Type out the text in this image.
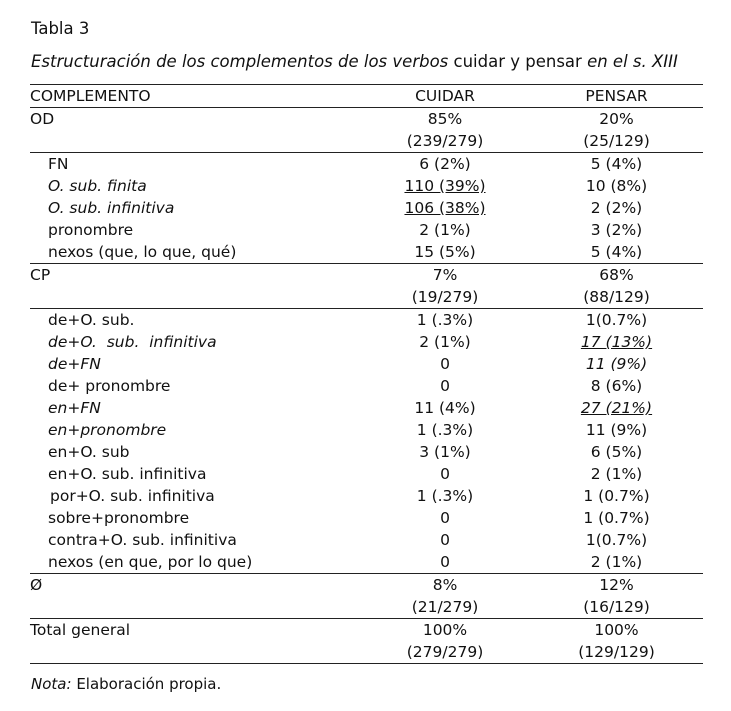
Tabla 3
Estructuración de los complementos de los verbos cuidar y pensar en el s. XIII
COMPLEMENTO	CUIDAR	PENSAR
OD	85%	20%
	(239/279)	(25/129)
FN	6 (2%)	5 (4%)
O. sub. finita	110 (39%)	10 (8%)
O. sub. infinitiva	106 (38%)	2 (2%)
pronombre	2 (1%)	3 (2%)
nexos (que, lo que, qué)	15 (5%)	5 (4%)
CP	7%	68%
	(19/279)	(88/129)
de+O. sub.	1 (.3%)	1(0.7%)
de+O.  sub.  infinitiva	2 (1%)	17 (13%)
de+FN	0	11 (9%)
de+ pronombre	0	8 (6%)
en+FN	11 (4%)	27 (21%)
en+pronombre	1 (.3%)	11 (9%)
en+O. sub	3 (1%)	6 (5%)
en+O. sub. infinitiva	0	2 (1%)
por+O. sub. infinitiva	1 (.3%)	1 (0.7%)
sobre+pronombre	0	1 (0.7%)
contra+O. sub. infinitiva	0	1(0.7%)
nexos (en que, por lo que)	0	2 (1%)
Ø	8%	12%
	(21/279)	(16/129)
Total general	100%	100%
	(279/279)	(129/129)
Nota: Elaboración propia.
